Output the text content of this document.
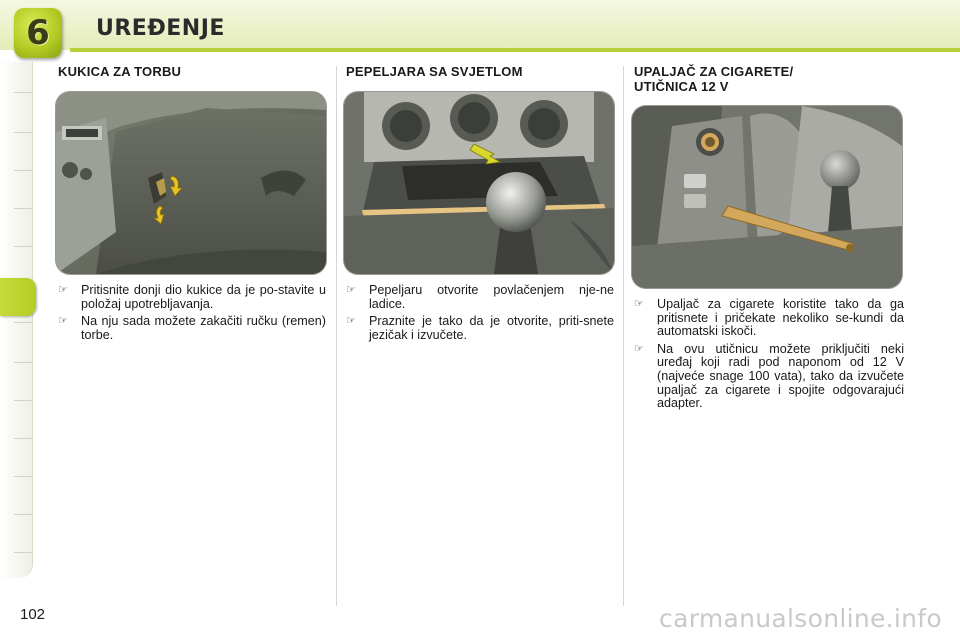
6 UREĐENJE
KUKICA ZA TORBU
☞ Pritisnite donji dio kukice da je po-stavite u položaj upotrebljavanja.
☞ Na nju sada možete zakačiti ručku (remen) torbe.
PEPELJARA SA SVJETLOM
☞ Pepeljaru otvorite povlačenjem nje-ne ladice.
☞ Praznite je tako da je otvorite, priti-snete jezičak i izvučete.
UPALJAČ ZA CIGARETE/
UTIČNICA 12 V
☞ Upaljač za cigarete koristite tako da ga pritisnete i pričekate nekoliko se-kundi da automatski iskoči.
☞ Na ovu utičnicu možete priključiti neki uređaj koji radi pod naponom od 12 V (najveće snage 100 vata), tako da izvučete upaljač za cigarete i spojite odgovarajući adapter.
102	carmanualsonline.info
